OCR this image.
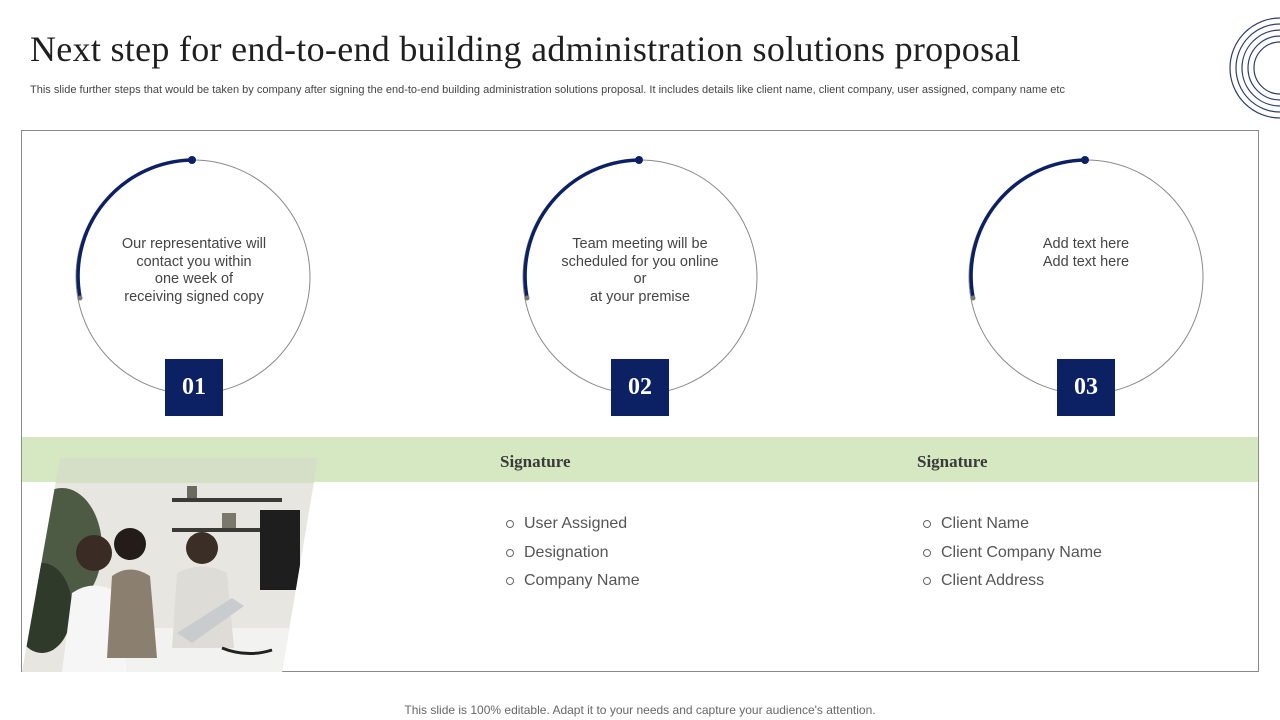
Next step for end-to-end building administration solutions proposal
This slide further steps that would be taken by company after signing the end-to-end building administration solutions proposal. It includes details like client name, client company, user assigned, company name etc
Our representative will
contact you within
one week of
receiving signed copy
01
Team meeting will be
scheduled for you online or
at your premise
02
Add text here
Add text here
03
Signature	Signature
User Assigned
Designation
Company Name
Client Name
Client Company Name
Client Address
This slide is 100% editable. Adapt it to your needs and capture your audience's attention.
